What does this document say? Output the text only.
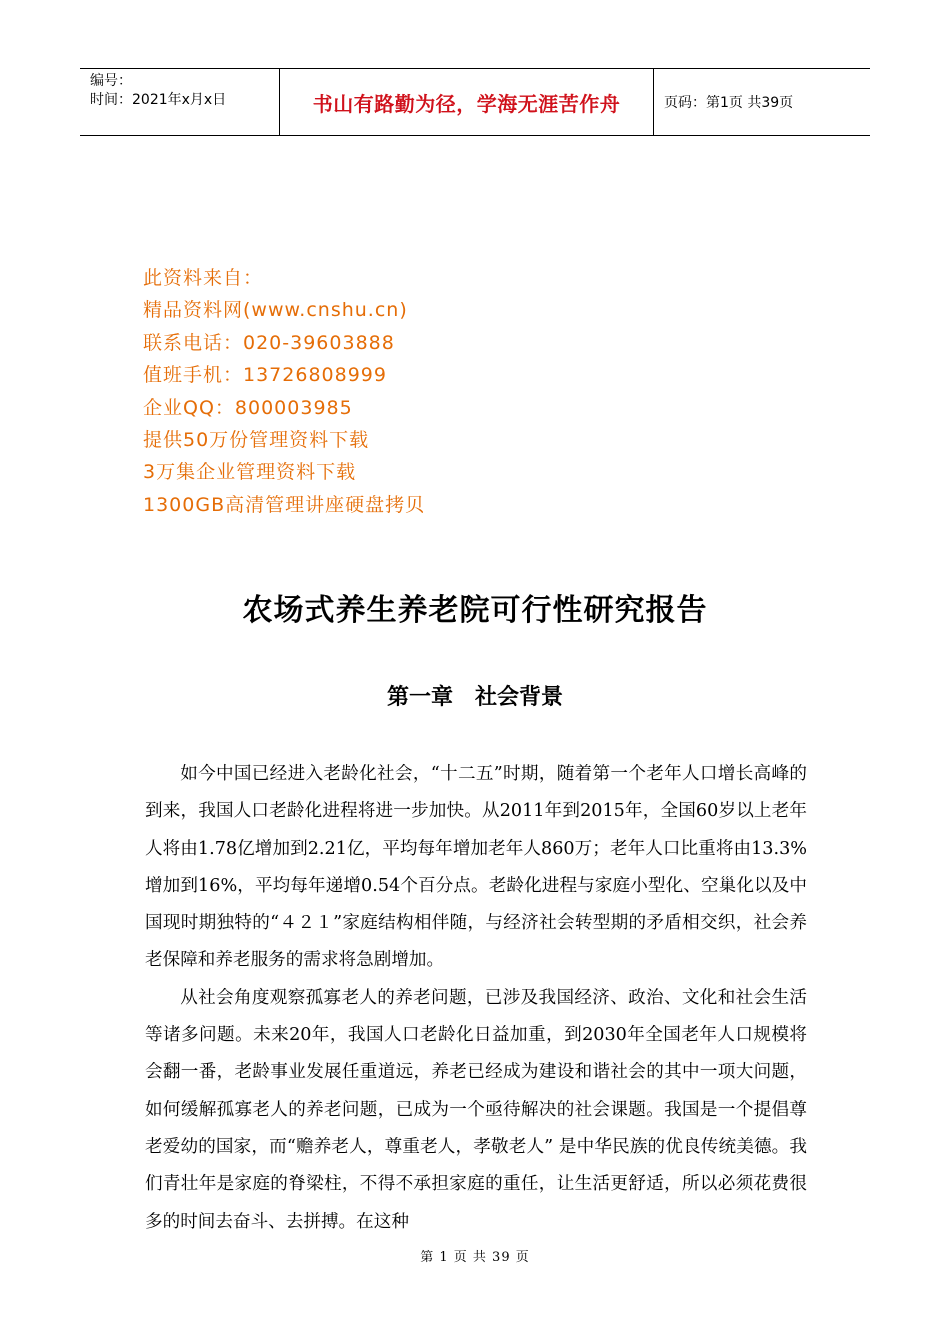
编号：
时间：2021年x月x日	书山有路勤为径，学海无涯苦作舟	页码：第1页 共39页
此资料来自：
精品资料网(www.cnshu.cn)
联系电话：020-39603888
值班手机：13726808999
企业QQ：800003985
提供50万份管理资料下载
3万集企业管理资料下载
1300GB高清管理讲座硬盘拷贝
农场式养生养老院可行性研究报告
第一章 社会背景

如今中国已经进入老龄化社会，“十二五”时期，随着第一个老年人口增长高峰的到来，我国人口老龄化进程将进一步加快。从2011年到2015年，全国60岁以上老年人将由1.78亿增加到2.21亿，平均每年增加老年人860万；老年人口比重将由13.3%增加到16%，平均每年递增0.54个百分点。老龄化进程与家庭小型化、空巢化以及中国现时期独特的“４２１”家庭结构相伴随，与经济社会转型期的矛盾相交织，社会养老保障和养老服务的需求将急剧增加。

从社会角度观察孤寡老人的养老问题，已涉及我国经济、政治、文化和社会生活等诸多问题。未来20年，我国人口老龄化日益加重，到2030年全国老年人口规模将会翻一番，老龄事业发展任重道远，养老已经成为建设和谐社会的其中一项大问题，如何缓解孤寡老人的养老问题，已成为一个亟待解决的社会课题。我国是一个提倡尊老爱幼的国家，而“赡养老人，尊重老人，孝敬老人” 是中华民族的优良传统美德。我们青壮年是家庭的脊梁柱，不得不承担家庭的重任，让生活更舒适，所以必须花费很多的时间去奋斗、去拼搏。在这种

第 1 页 共 39 页
